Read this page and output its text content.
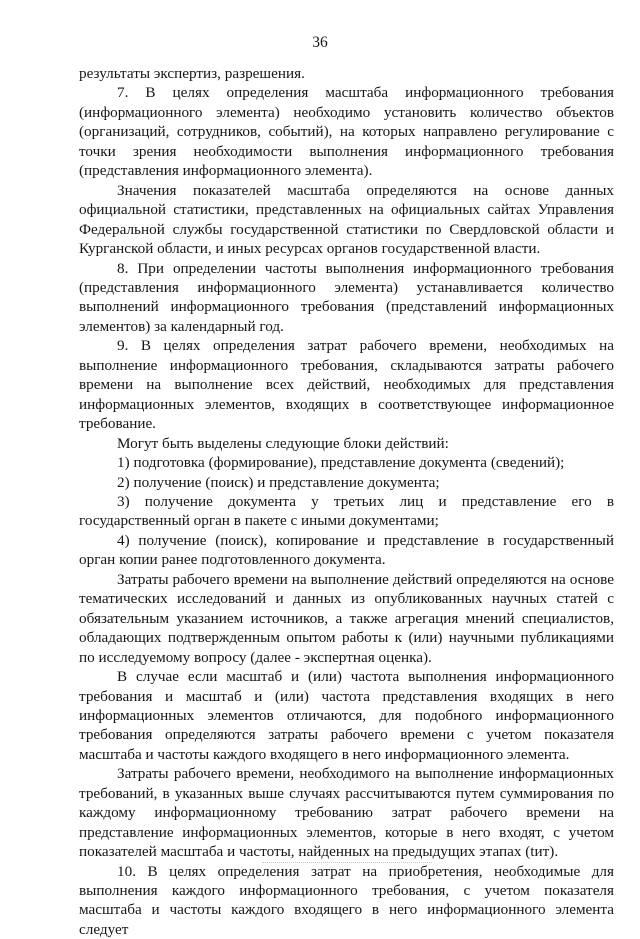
36

результаты экспертиз, разрешения.

7. В целях определения масштаба информационного требования (информационного элемента) необходимо установить количество объектов (организаций, сотрудников, событий), на которых направлено регулирование с точки зрения необходимости выполнения информационного требования (представления информационного элемента).

Значения показателей масштаба определяются на основе данных официальной статистики, представленных на официальных сайтах Управления Федеральной службы государственной статистики по Свердловской области и Курганской области, и иных ресурсах органов государственной власти.

8. При определении частоты выполнения информационного требования (представления информационного элемента) устанавливается количество выполнений информационного требования (представлений информационных элементов) за календарный год.

9. В целях определения затрат рабочего времени, необходимых на выполнение информационного требования, складываются затраты рабочего времени на выполнение всех действий, необходимых для представления информационных элементов, входящих в соответствующее информационное требование.

Могут быть выделены следующие блоки действий:

1) подготовка (формирование), представление документа (сведений);

2) получение (поиск) и представление документа;

3) получение документа у третьих лиц и представление его в государственный орган в пакете с иными документами;

4) получение (поиск), копирование и представление в государственный орган копии ранее подготовленного документа.

Затраты рабочего времени на выполнение действий определяются на основе тематических исследований и данных из опубликованных научных статей с обязательным указанием источников, а также агрегация мнений специалистов, обладающих подтвержденным опытом работы к (или) научными публикациями по исследуемому вопросу (далее - экспертная оценка).

В случае если масштаб и (или) частота выполнения информационного требования и масштаб и (или) частота представления входящих в него информационных элементов отличаются, для подобного информационного требования определяются затраты рабочего времени с учетом показателя масштаба и частоты каждого входящего в него информационного элемента.

Затраты рабочего времени, необходимого на выполнение информационных требований, в указанных выше случаях рассчитываются путем суммирования по каждому информационному требованию затрат рабочего времени на представление информационных элементов, которые в него входят, с учетом показателей масштаба и частоты, найденных на предыдущих этапах (tит).

10. В целях определения затрат на приобретения, необходимые для выполнения каждого информационного требования, с учетом показателя масштаба и частоты каждого входящего в него информационного элемента следует
